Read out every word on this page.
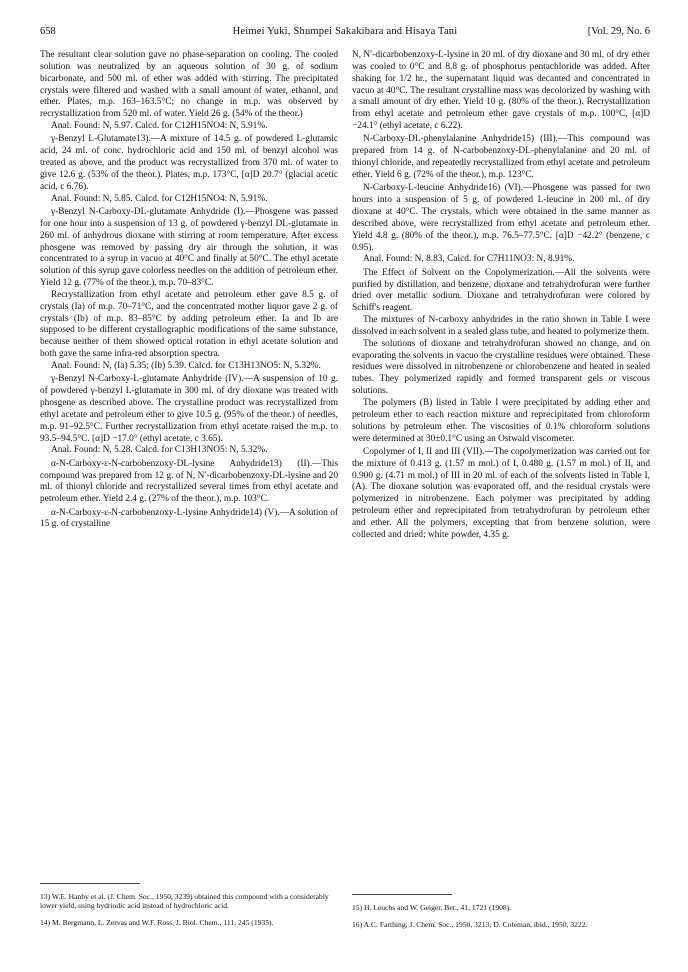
658	Heimei Yuki, Shumpei Sakakibara and Hisaya Tani	[Vol. 29, No. 6

The resultant clear solution gave no phase-separation on cooling. The cooled solution was neutralized by an aqueous solution of 30 g. of sodium bicarbonate, and 500 ml. of ether was added with stirring. The precipitated crystals were filtered and washed with a small amount of water, ethanol, and ether. Plates, m.p. 163–163.5°C; no change in m.p. was observed by recrystallization from 520 ml. of water. Yield 26 g. (54% of the theor.)

Anal. Found: N, 5.97. Calcd. for C12H15NO4: N, 5.91%.

γ-Benzyl L-Glutamate13).—A mixture of 14.5 g. of powdered L-glutamic acid, 24 ml. of conc. hydrochloric acid and 150 ml. of benzyl alcohol was treated as above, and the product was recrystallized from 370 ml. of water to give 12.6 g. (53% of the theor.). Plates, m.p. 173°C, [α]D 20.7° (glacial acetic acid, c 6.76).

Anal. Found: N, 5.85. Calcd. for C12H15NO4: N, 5.91%.

γ-Benzyl N-Carboxy-DL-glutamate Anhydride (I).—Phosgene was passed for one hour into a suspension of 13 g. of powdered γ-benzyl DL-glutamate in 260 ml. of anhydrous dioxane with stirring at room temperature. After excess phosgene was removed by passing dry air through the solution, it was concentrated to a syrup in vacuo at 40°C and finally at 50°C. The ethyl acetate solution of this syrup gave colorless needles on the addition of petroleum ether. Yield 12 g. (77% of the theor.), m.p. 70–83°C.

Recrystallization from ethyl acetate and petroleum ether gave 8.5 g. of crystals (Ia) of m.p. 70–71°C, and the concentrated mother liquor gave 2 g. of crystals (Ib) of m.p. 83–85°C by adding petroleum ether. Ia and Ib are supposed to be different crystallographic modifications of the same substance, because neither of them showed optical rotation in ethyl acetate solution and both gave the same infra-red absorption spectra.

Anal. Found: N, (Ia) 5.35; (Ib) 5.39. Calcd. for C13H13NO5: N, 5.32%.

γ-Benzyl N-Carboxy-L-glutamate Anhydride (IV).—A suspension of 10 g. of powdered γ-benzyl L-glutamate in 300 ml. of dry dioxane was treated with phosgene as described above. The crystalline product was recrystallized from ethyl acetate and petroleum ether to give 10.5 g. (95% of the theor.) of needles, m.p. 91–92.5°C. Further recrystallization from ethyl acetate raised the m.p. to 93.5–94.5°C. [α]D −17.0° (ethyl acetate, c 3.65).

Anal. Found: N, 5.28. Calcd. for C13H13NO5: N, 5.32%.

α-N-Carboxy-ε-N-carbobenzoxy-DL-lysine Anhydride13) (II).—This compound was prepared from 12 g. of N, N′-dicarbobenzoxy-DL-lysine and 20 ml. of thionyl chloride and recrystallized several times from ethyl acetate and petroleum ether. Yield 2.4 g. (27% of the theor.), m.p. 103°C.

α-N-Carboxy-ε-N-carbobenzoxy-L-lysine Anhydride14) (V).—A solution of 15 g. of crystalline

13) W.E. Hanby et al. (J. Chem. Soc., 1950, 3239) obtained this compound with a considerably lower yield, using hydriodic acid instead of hydrochloric acid.

14) M. Bergmann, L. Zervas and W.F. Ross, J. Biol. Chem., 111, 245 (1935).

N, N′-dicarbobenzoxy-L-lysine in 20 ml. of dry dioxane and 30 ml. of dry ether was cooled to 0°C and 8.8 g. of phosphorus pentachloride was added. After shaking for 1/2 hr., the supernatant liquid was decanted and concentrated in vacuo at 40°C. The resultant crystalline mass was decolorized by washing with a small amount of dry ether. Yield 10 g. (80% of the theor.). Recrystallization from ethyl acetate and petroleum ether gave crystals of m.p. 100°C, [α]D −24.1° (ethyl acetate, c 6.22).

N-Carboxy-DL-phenylalanine Anhydride15) (III).—This compound was prepared from 14 g. of N-carbobenzoxy-DL-phenylalanine and 20 ml. of thionyl chloride, and repeatedly recrystallized from ethyl acetate and petroleum ether. Yield 6 g. (72% of the theor.), m.p. 123°C.

N-Carboxy-L-leucine Anhydride16) (VI).—Phosgene was passed for two hours into a suspension of 5 g. of powdered L-leucine in 200 ml. of dry dioxane at 40°C. The crystals, which were obtained in the same manner as described above, were recrystallized from ethyl acetate and petroleum ether. Yield 4.8 g. (80% of the theor.), m.p. 76.5–77.5°C. [α]D −42.2° (benzene, c 0.95).

Anal. Found: N, 8.83, Calcd. for C7H11NO3: N, 8.91%.

The Effect of Solvent on the Copolymerization.—All the solvents were purified by distillation, and benzene, dioxane and tetrahydrofuran were further dried over metallic sodium. Dioxane and tetrahydrofuran were colored by Schiff's reagent.

The mixtures of N-carboxy anhydrides in the ratio shown in Table I were dissolved in each solvent in a sealed glass tube, and heated to polymerize them.

The solutions of dioxane and tetrahydrofuran showed no change, and on evaporating the solvents in vacuo the crystalline residues were obtained. These residues were dissolved in nitrobenzene or chlorobenzene and heated in sealed tubes. They polymerized rapidly and formed transparent gels or viscous solutions.

The polymers (B) listed in Table I were precipitated by adding ether and petroleum ether to each reaction mixture and reprecipitated from chloroform solutions by petroleum ether. The viscosities of 0.1% chloroform solutions were determined at 30±0.1°C using an Ostwald viscometer.

Copolymer of I, II and III (VII).—The copolymerization was carried out for the mixture of 0.413 g. (1.57 m mol.) of I, 0.480 g. (1.57 m mol.) of II, and 0.900 g. (4.71 m mol.) of III in 20 ml. of each of the solvents listed in Table I, (A). The dioxane solution was evaporated off, and the residual crystals were polymerized in nitrobenzene. Each polymer was precipitated by adding petroleum ether and reprecipitated from tetrahydrofuran by petroleum ether and ether. All the polymers, excepting that from benzene solution, were collected and dried; white powder, 4.35 g.

15) H. Leuchs and W. Geiger, Ber., 41, 1721 (1908).

16) A.C. Farthing, J. Chem. Soc., 1950, 3213; D. Coleman, ibid., 1950, 3222.
